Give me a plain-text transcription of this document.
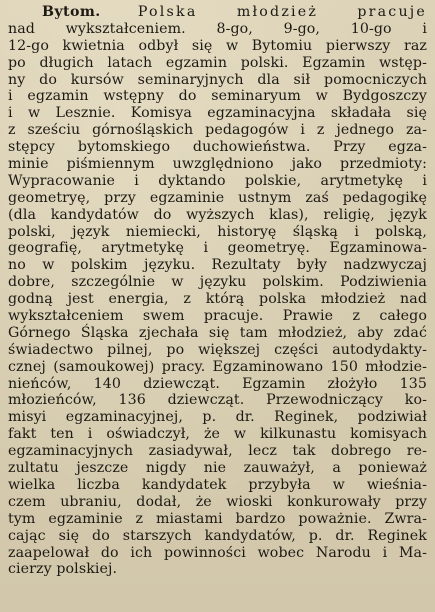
Bytom.	Polska młodzież pracuje
nad wykształceniem. 8-go, 9-go, 10-go i
12-go kwietnia odbył się w Bytomiu pierwszy raz
po długich latach egzamin polski. Egzamin wstęp-
ny do kursów seminaryjnych dla sił pomocniczych
i egzamin wstępny do seminaryum w Bydgoszczy
i w Lesznie. Komisya egzaminacyjna składała się
z sześciu górnośląskich pedagogów i z jednego za-
stępcy bytomskiego duchowieństwa. Przy egza-
minie piśmiennym uwzględniono jako przedmioty:
Wypracowanie i dyktando polskie, arytmetykę i
geometryę, przy egzaminie ustnym zaś pedagogikę
(dla kandydatów do wyższych klas), religię, język
polski, język niemiecki, historyę śląską i polską,
geografię, arytmetykę i geometryę. Egzaminowa-
no w polskim języku. Rezultaty były nadzwyczaj
dobre, szczególnie w języku polskim. Podziwienia
godną jest energia, z którą polska młodzież nad
wykształceniem swem pracuje. Prawie z całego
Górnego Śląska zjechała się tam młodzież, aby zdać
świadectwo pilnej, po większej części autodydakty-
cznej (samoukowej) pracy. Egzaminowano 150 młodzie-
nieńców, 140 dziewcząt. Egzamin złożyło 135
młozieńców, 136 dziewcząt. Przewodniczący ko-
misyi egzaminacyjnej, p. dr. Reginek, podziwiał
fakt ten i oświadczył, że w kilkunastu komisyach
egzaminacyjnych zasiadywał, lecz tak dobrego re-
zultatu jeszcze nigdy nie zauważył, a ponieważ
wielka liczba kandydatek przybyła w wieśnia-
czem ubraniu, dodał, że wioski konkurowały przy
tym egzaminie z miastami bardzo poważnie. Zwra-
cając się do starszych kandydatów, p. dr. Reginek
zaapelował do ich powinności wobec Narodu i Ma-
cierzy polskiej.
